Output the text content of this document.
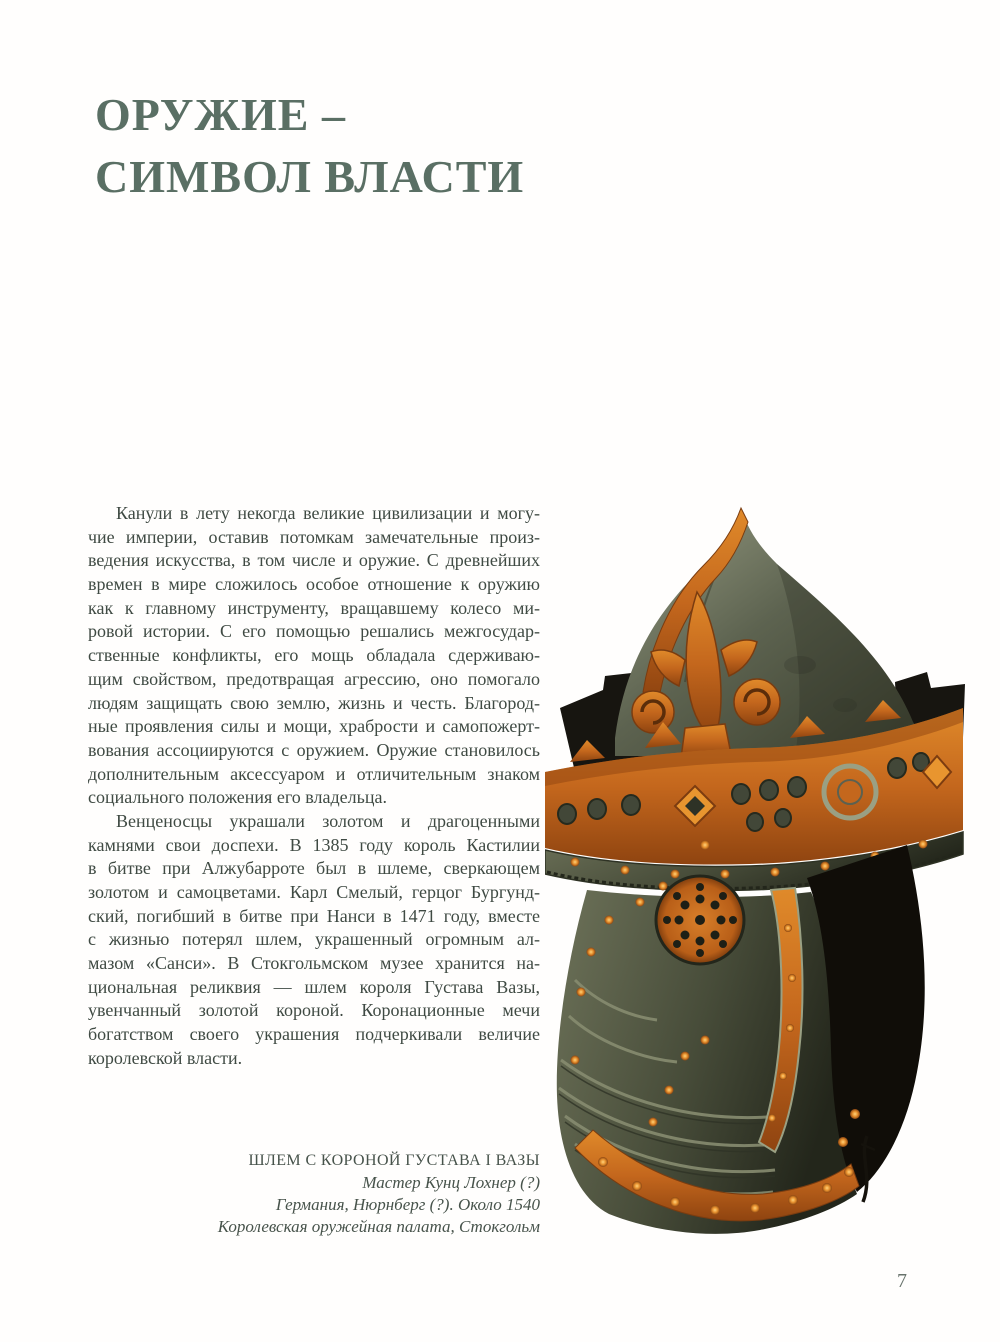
ОРУЖИЕ –
СИМВОЛ ВЛАСТИ
Канули в лету некогда великие цивилизации и могу-
чие империи, оставив потомкам замечательные произ-
ведения искусства, в том числе и оружие. С древнейших
времен в мире сложилось особое отношение к оружию
как к главному инструменту, вращавшему колесо ми-
ровой истории. С его помощью решались межгосудар-
ственные конфликты, его мощь обладала сдерживаю-
щим свойством, предотвращая агрессию, оно помогало
людям защищать свою землю, жизнь и честь. Благород-
ные проявления силы и мощи, храбрости и самопожерт-
вования ассоциируются с оружием. Оружие становилось
дополнительным аксессуаром и отличительным знаком
социального положения его владельца.
Венценосцы украшали золотом и драгоценными
камнями свои доспехи. В 1385 году король Кастилии
в битве при Алжубарроте был в шлеме, сверкающем
золотом и самоцветами. Карл Смелый, герцог Бургунд-
ский, погибший в битве при Нанси в 1471 году, вместе
с жизнью потерял шлем, украшенный огромным ал-
мазом «Санси». В Стокгольмском музее хранится на-
циональная реликвия — шлем короля Густава Вазы,
увенчанный золотой короной. Коронационные мечи
богатством своего украшения подчеркивали величие
королевской власти.
ШЛЕМ С КОРОНОЙ ГУСТАВА I ВАЗЫ
Мастер Кунц Лохнер (?)
Германия, Нюрнберг (?). Около 1540
Королевская оружейная палата, Стокгольм
7
